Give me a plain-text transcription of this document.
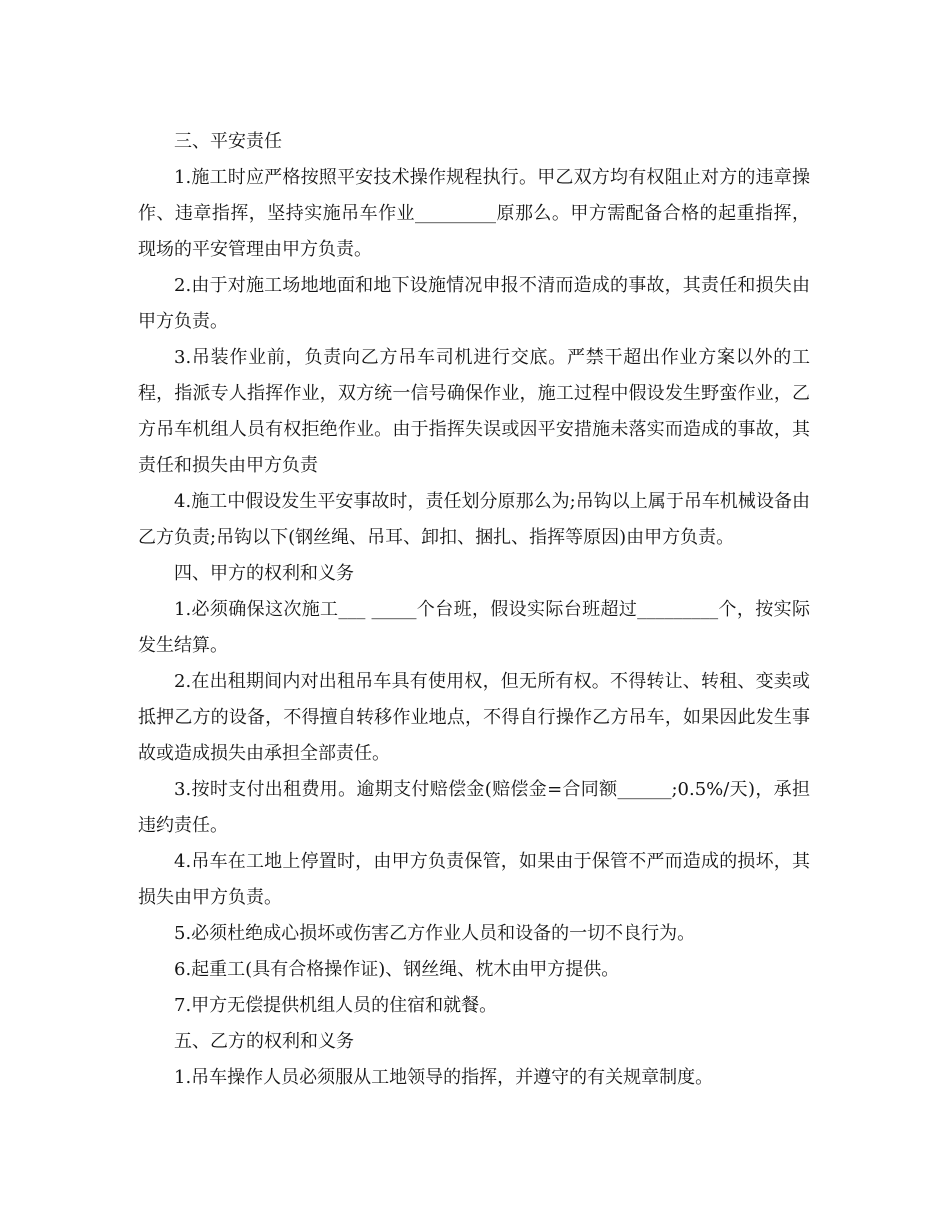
三、平安责任

1.施工时应严格按照平安技术操作规程执行。甲乙双方均有权阻止对方的违章操作、违章指挥，坚持实施吊车作业_________原那么。甲方需配备合格的起重指挥，现场的平安管理由甲方负责。

2.由于对施工场地地面和地下设施情况申报不清而造成的事故，其责任和损失由甲方负责。

3.吊装作业前，负责向乙方吊车司机进行交底。严禁干超出作业方案以外的工程，指派专人指挥作业，双方统一信号确保作业，施工过程中假设发生野蛮作业，乙方吊车机组人员有权拒绝作业。由于指挥失误或因平安措施未落实而造成的事故，其责任和损失由甲方负责

4.施工中假设发生平安事故时，责任划分原那么为;吊钩以上属于吊车机械设备由乙方负责;吊钩以下(钢丝绳、吊耳、卸扣、捆扎、指挥等原因)由甲方负责。

四、甲方的权利和义务

1.必须确保这次施工___ _____个台班，假设实际台班超过_________个，按实际发生结算。

2.在出租期间内对出租吊车具有使用权，但无所有权。不得转让、转租、变卖或抵押乙方的设备，不得擅自转移作业地点，不得自行操作乙方吊车，如果因此发生事故或造成损失由承担全部责任。

3.按时支付出租费用。逾期支付赔偿金(赔偿金=合同额______;0.5%/天)，承担违约责任。

4.吊车在工地上停置时，由甲方负责保管，如果由于保管不严而造成的损坏，其损失由甲方负责。

5.必须杜绝成心损坏或伤害乙方作业人员和设备的一切不良行为。

6.起重工(具有合格操作证)、钢丝绳、枕木由甲方提供。

7.甲方无偿提供机组人员的住宿和就餐。

五、乙方的权利和义务

1.吊车操作人员必须服从工地领导的指挥，并遵守的有关规章制度。
